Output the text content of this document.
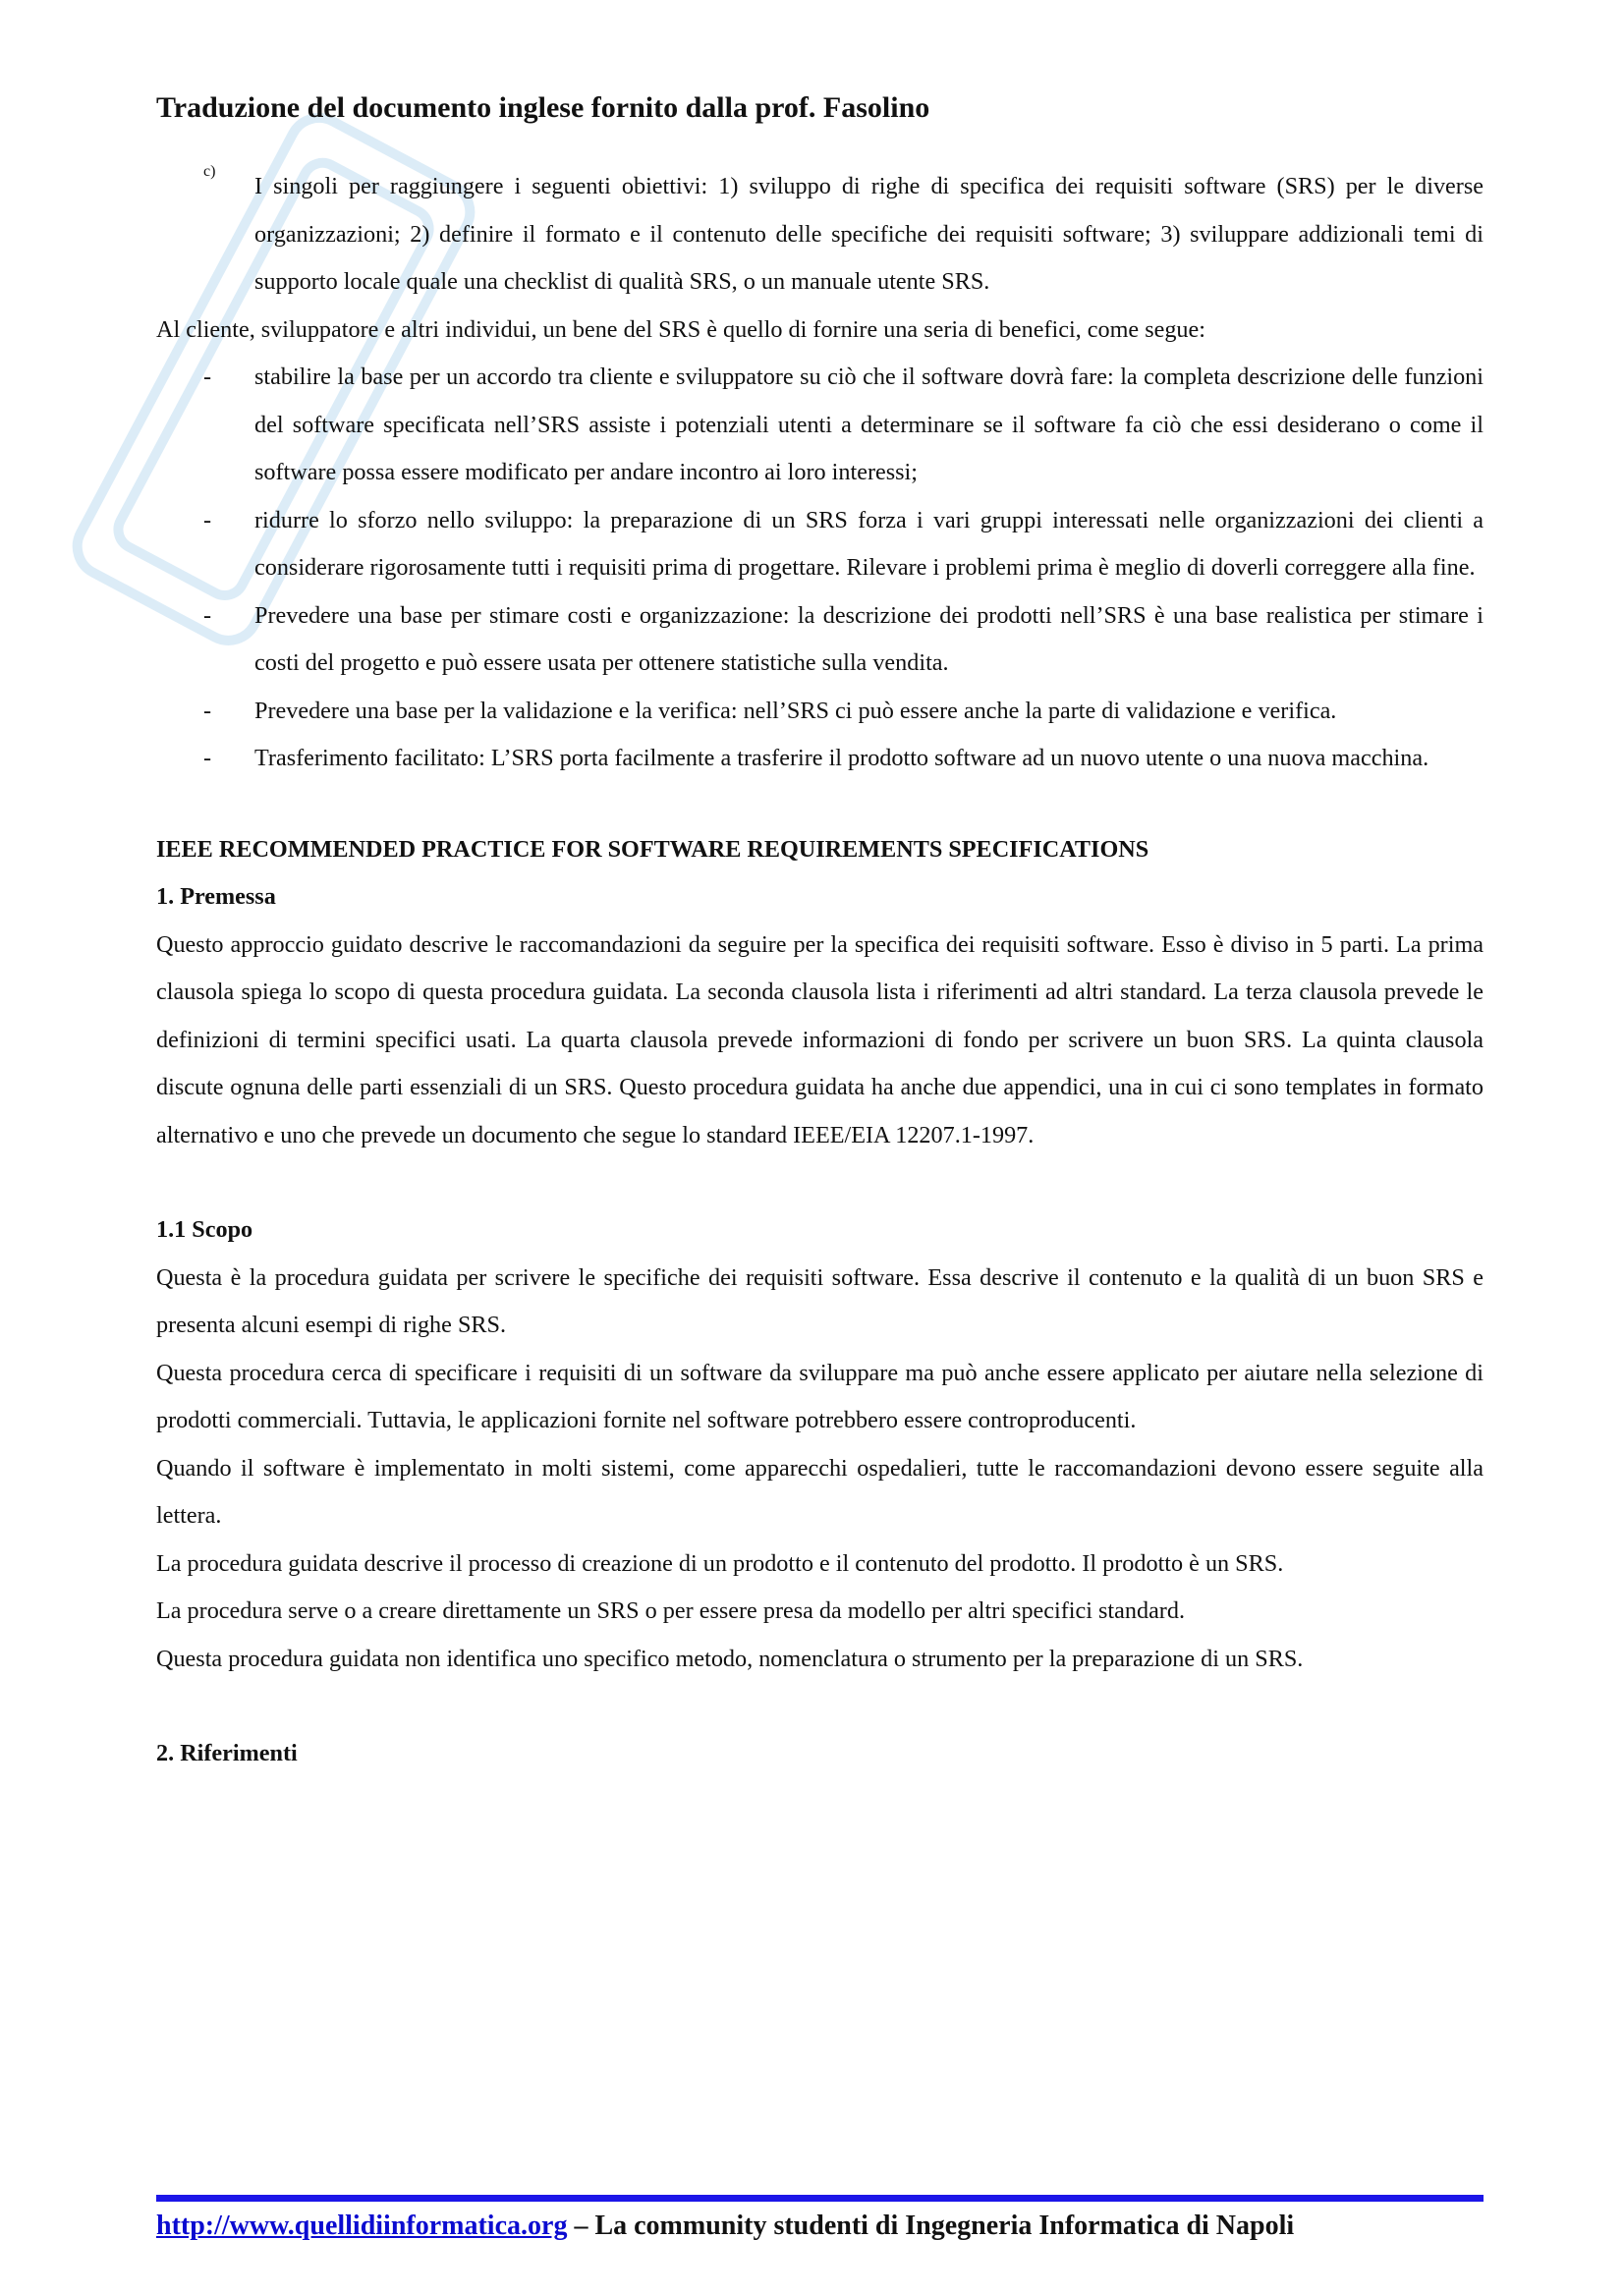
Traduzione del documento inglese fornito dalla prof. Fasolino
c)

I singoli per raggiungere i seguenti obiettivi: 1) sviluppo di righe di specifica dei requisiti software (SRS) per le diverse organizzazioni; 2) definire il formato e il contenuto delle specifiche dei requisiti software; 3) sviluppare addizionali temi di supporto locale quale una checklist di qualità SRS, o un manuale utente SRS.

Al cliente, sviluppatore e altri individui, un bene del SRS è quello di fornire una seria di benefici, come segue:

-	stabilire la base per un accordo tra cliente e sviluppatore su ciò che il software dovrà fare: la completa descrizione delle funzioni del software specificata nell’SRS assiste i potenziali utenti a determinare se il software fa ciò che essi desiderano o come il software possa essere modificato per andare incontro ai loro interessi;
-	ridurre lo sforzo nello sviluppo: la preparazione di un SRS forza i vari gruppi interessati nelle organizzazioni dei clienti a considerare rigorosamente tutti i requisiti prima di progettare. Rilevare i problemi prima è meglio di doverli correggere alla fine.
-	Prevedere una base per stimare costi e organizzazione: la descrizione dei prodotti nell’SRS è una base realistica per stimare i costi del progetto e può essere usata per ottenere statistiche sulla vendita.
-	Prevedere una base per la validazione e la verifica: nell’SRS ci può essere anche la parte di validazione e verifica.
-	Trasferimento facilitato: L’SRS porta facilmente a trasferire il prodotto software ad un nuovo utente o una nuova macchina.

IEEE RECOMMENDED PRACTICE FOR SOFTWARE REQUIREMENTS SPECIFICATIONS

1. Premessa

Questo approccio guidato descrive le raccomandazioni da seguire per la specifica dei requisiti software. Esso è diviso in 5 parti. La prima clausola spiega lo scopo di questa procedura guidata. La seconda clausola lista i riferimenti ad altri standard. La terza clausola prevede le definizioni di termini specifici usati. La quarta clausola prevede informazioni di fondo per scrivere un buon SRS. La quinta clausola discute ognuna delle parti essenziali di un SRS. Questo procedura guidata ha anche due appendici, una in cui ci sono templates in formato alternativo e uno che prevede un documento che segue lo standard IEEE/EIA 12207.1-1997.

1.1 Scopo

Questa è la procedura guidata per scrivere le specifiche dei requisiti software. Essa descrive il contenuto e la qualità di un buon SRS e presenta alcuni esempi di righe SRS.

Questa procedura cerca di specificare i requisiti di un software da sviluppare ma può anche essere applicato per aiutare nella selezione di prodotti commerciali. Tuttavia, le applicazioni fornite nel software potrebbero essere controproducenti.

Quando il software è implementato in molti sistemi, come apparecchi ospedalieri, tutte le raccomandazioni devono essere seguite alla lettera.

La procedura guidata descrive il processo di creazione di un prodotto e il contenuto del prodotto. Il prodotto è un SRS.

La procedura serve o a creare direttamente un SRS o per essere presa da modello per altri specifici standard.

Questa procedura guidata non identifica uno specifico metodo, nomenclatura o strumento per la preparazione di un SRS.

2. Riferimenti

http://www.quellidiinformatica.org – La community studenti di Ingegneria Informatica di Napoli
